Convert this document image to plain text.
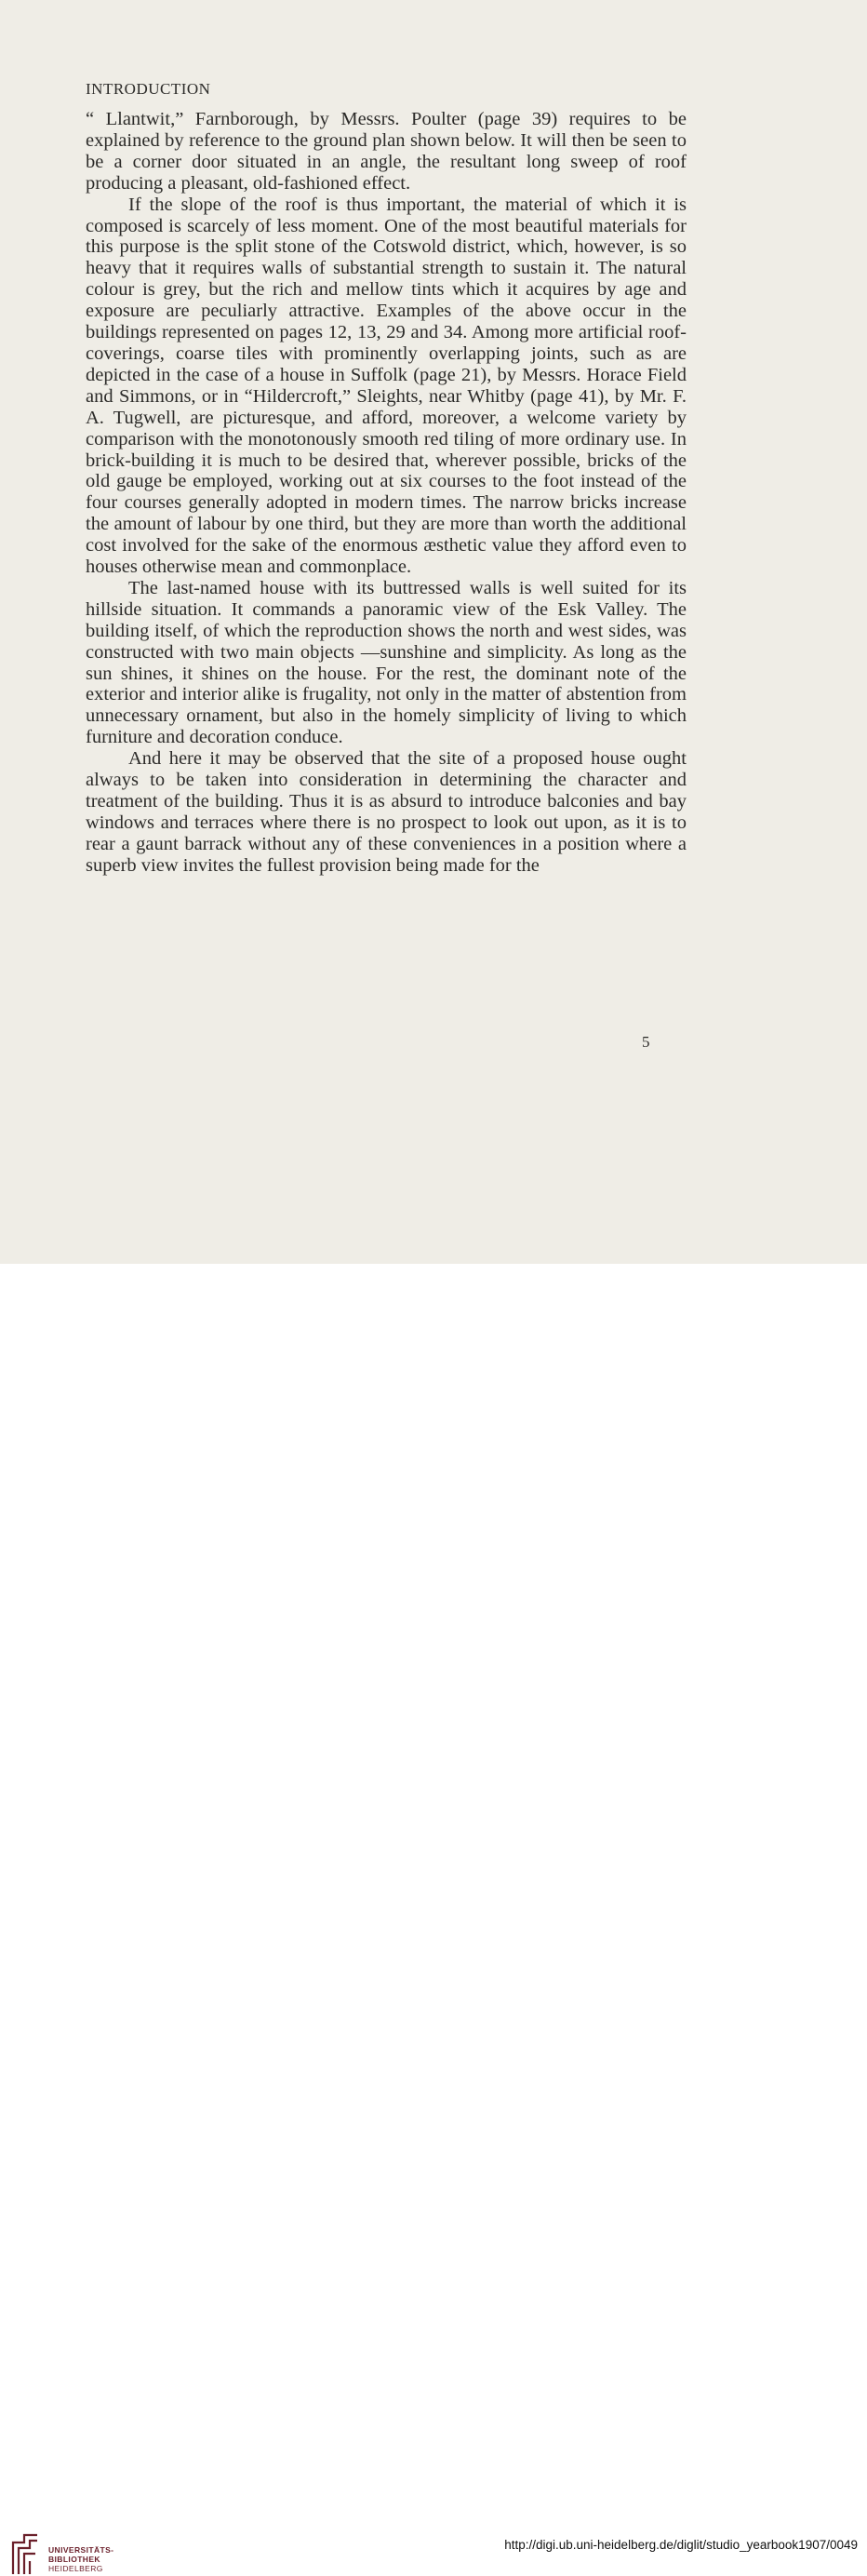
INTRODUCTION

“ Llantwit,” Farnborough, by Messrs. Poulter (page 39) requires to be explained by reference to the ground plan shown below. It will then be seen to be a corner door situated in an angle, the resultant long sweep of roof producing a pleasant, old-fashioned effect.

If the slope of the roof is thus important, the material of which it is composed is scarcely of less moment. One of the most beautiful materials for this purpose is the split stone of the Cotswold district, which, however, is so heavy that it requires walls of substantial strength to sustain it. The natural colour is grey, but the rich and mellow tints which it acquires by age and exposure are peculiarly attractive. Examples of the above occur in the buildings represented on pages 12, 13, 29 and 34. Among more artificial roof-coverings, coarse tiles with prominently overlapping joints, such as are depicted in the case of a house in Suffolk (page 21), by Messrs. Horace Field and Simmons, or in “Hildercroft,” Sleights, near Whitby (page 41), by Mr. F. A. Tugwell, are picturesque, and afford, moreover, a welcome variety by comparison with the monotonously smooth red tiling of more ordinary use. In brick-building it is much to be desired that, wherever possible, bricks of the old gauge be employed, working out at six courses to the foot instead of the four courses generally adopted in modern times. The narrow bricks increase the amount of labour by one third, but they are more than worth the additional cost involved for the sake of the enormous æsthetic value they afford even to houses otherwise mean and commonplace.

The last-named house with its buttressed walls is well suited for its hillside situation. It commands a panoramic view of the Esk Valley. The building itself, of which the reproduction shows the north and west sides, was constructed with two main objects —sunshine and simplicity. As long as the sun shines, it shines on the house. For the rest, the dominant note of the exterior and interior alike is frugality, not only in the matter of abstention from unnecessary ornament, but also in the homely simplicity of living to which furniture and decoration conduce.

And here it may be observed that the site of a proposed house ought always to be taken into consideration in determining the character and treatment of the building. Thus it is as absurd to introduce balconies and bay windows and terraces where there is no prospect to look out upon, as it is to rear a gaunt barrack without any of these conveniences in a position where a superb view invites the fullest provision being made for the

5

UNIVERSITÄTS-
BIBLIOTHEK
HEIDELBERG
http://digi.ub.uni-heidelberg.de/diglit/studio_yearbook1907/0049
